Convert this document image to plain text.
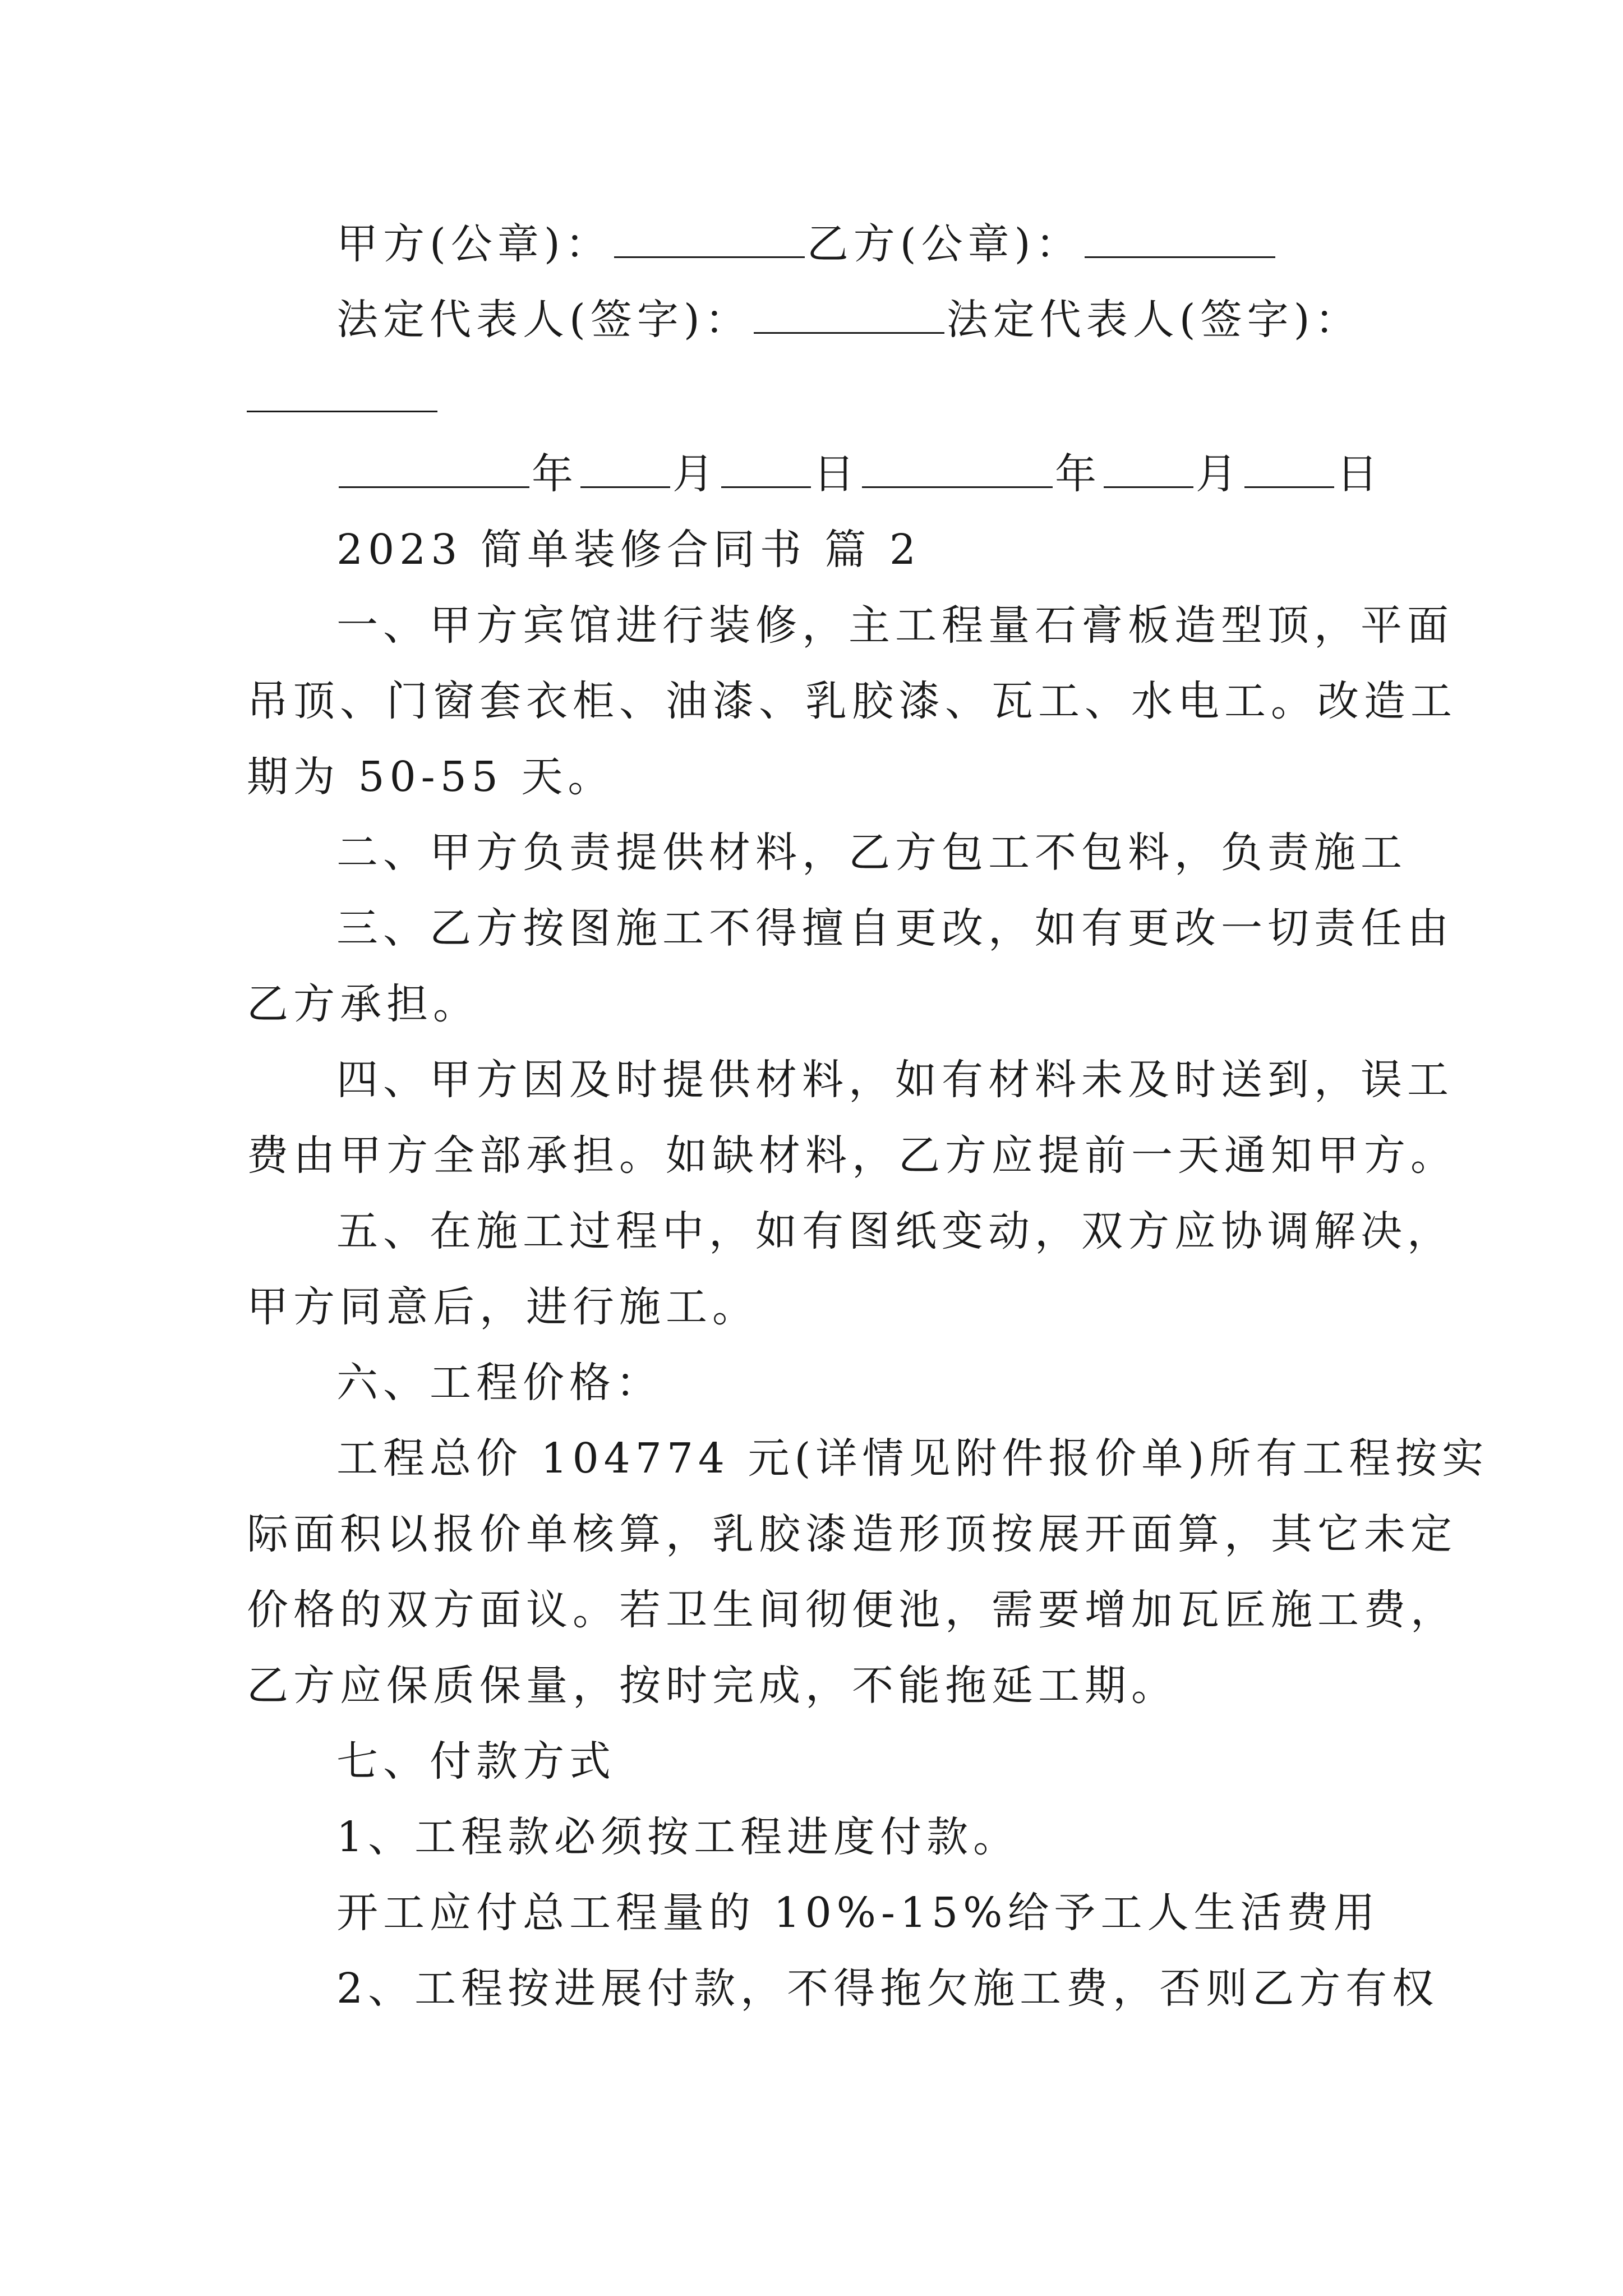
甲方(公章)：	乙方(公章)：
法定代表人(签字)：	法定代表人(签字)：
年 月 日	年 月 日
2023 简单装修合同书 篇 2
一、甲方宾馆进行装修，主工程量石膏板造型顶，平面
吊顶、门窗套衣柜、油漆、乳胶漆、瓦工、水电工。改造工
期为 50-55 天。
二、甲方负责提供材料，乙方包工不包料，负责施工
三、乙方按图施工不得擅自更改，如有更改一切责任由
乙方承担。
四、甲方因及时提供材料，如有材料未及时送到，误工
费由甲方全部承担。如缺材料，乙方应提前一天通知甲方。
五、在施工过程中，如有图纸变动，双方应协调解决，
甲方同意后，进行施工。
六、工程价格：
工程总价 104774 元(详情见附件报价单)所有工程按实
际面积以报价单核算，乳胶漆造形顶按展开面算，其它未定
价格的双方面议。若卫生间彻便池，需要增加瓦匠施工费，
乙方应保质保量，按时完成，不能拖延工期。
七、付款方式
1、工程款必须按工程进度付款。
开工应付总工程量的 10%-15%给予工人生活费用
2、工程按进展付款，不得拖欠施工费，否则乙方有权
